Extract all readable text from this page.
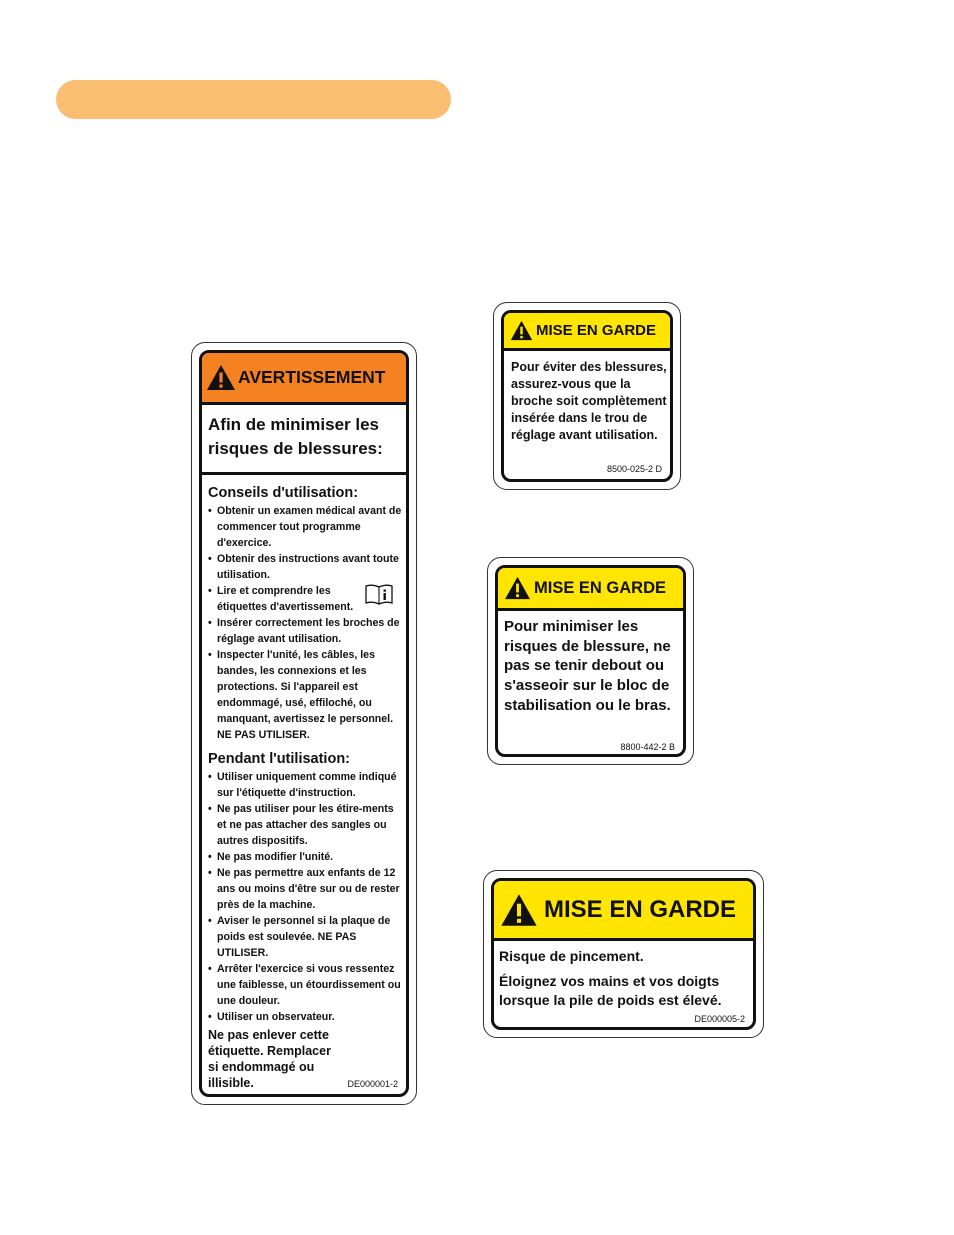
AVERTISSEMENT
Afin de minimiser les
risques de blessures:
Conseils d'utilisation:
• Obtenir un examen médical avant de commencer tout programme d'exercice.
• Obtenir des instructions avant toute utilisation.
• Lire et comprendre les étiquettes d'avertissement.
• Insérer correctement les broches de réglage avant utilisation.
• Inspecter l'unité, les câbles, les bandes, les connexions et les protections. Si l'appareil est endommagé, usé, effiloché, ou manquant, avertissez le personnel. NE PAS UTILISER.
Pendant l'utilisation:
• Utiliser uniquement comme indiqué sur l'étiquette d'instruction.
• Ne pas utiliser pour les étire-ments et ne pas attacher des sangles ou autres dispositifs.
• Ne pas modifier l'unité.
• Ne pas permettre aux enfants de 12 ans ou moins d'être sur ou de rester près de la machine.
• Aviser le personnel si la plaque de poids est soulevée. NE PAS UTILISER.
• Arrêter l'exercice si vous ressentez une faiblesse, un étourdissement ou une douleur.
• Utiliser un observateur.
Ne pas enlever cette étiquette. Remplacer si endommagé ou illisible.	DE000001-2
MISE EN GARDE
Pour éviter des blessures, assurez-vous que la broche soit complètement insérée dans le trou de réglage avant utilisation.
8500-025-2 D
MISE EN GARDE
Pour minimiser les risques de blessure, ne pas se tenir debout ou s'asseoir sur le bloc de stabilisation ou le bras.
8800-442-2 B
MISE EN GARDE
Risque de pincement.
Éloignez vos mains et vos doigts lorsque la pile de poids est élevé.
DE000005-2
